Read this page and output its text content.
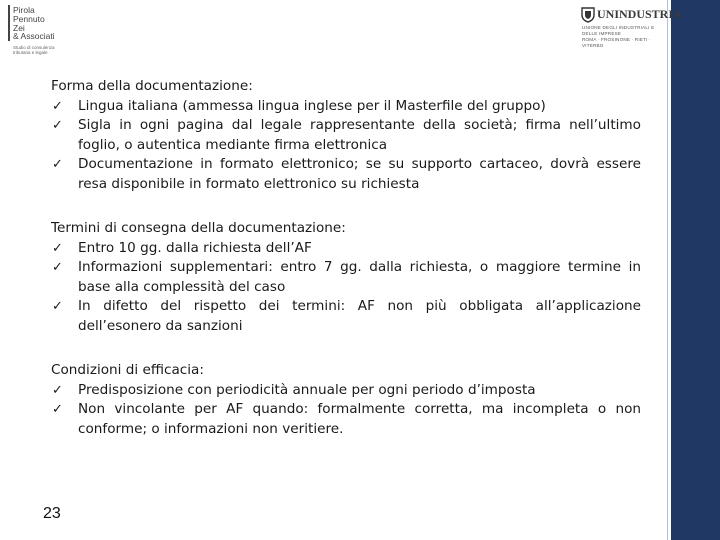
Pirola
Pennuto
Zei
& Associati
Studio di consulenza
tributaria e legale
UNINDUSTRIA
UNIONE DEGLI INDUSTRIALI E DELLE IMPRESE
ROMA · FROSINONE · RIETI · VITERBO
Forma della documentazione:
✓ Lingua italiana (ammessa lingua inglese per il Masterfile del gruppo)
✓ Sigla in ogni pagina dal legale rappresentante della società; firma nell’ultimo foglio, o autentica mediante firma elettronica
✓ Documentazione in formato elettronico; se su supporto cartaceo, dovrà essere resa disponibile in formato elettronico su richiesta
Termini di consegna della documentazione:
✓ Entro 10 gg. dalla richiesta dell’AF
✓ Informazioni supplementari: entro 7 gg. dalla richiesta, o maggiore termine in base alla complessità del caso
✓ In difetto del rispetto dei termini: AF non più obbligata all’applicazione dell’esonero da sanzioni
Condizioni di efficacia:
✓ Predisposizione con periodicità annuale per ogni periodo d’imposta
✓ Non vincolante per AF quando: formalmente corretta, ma incompleta o non conforme; o informazioni non veritiere.
23
